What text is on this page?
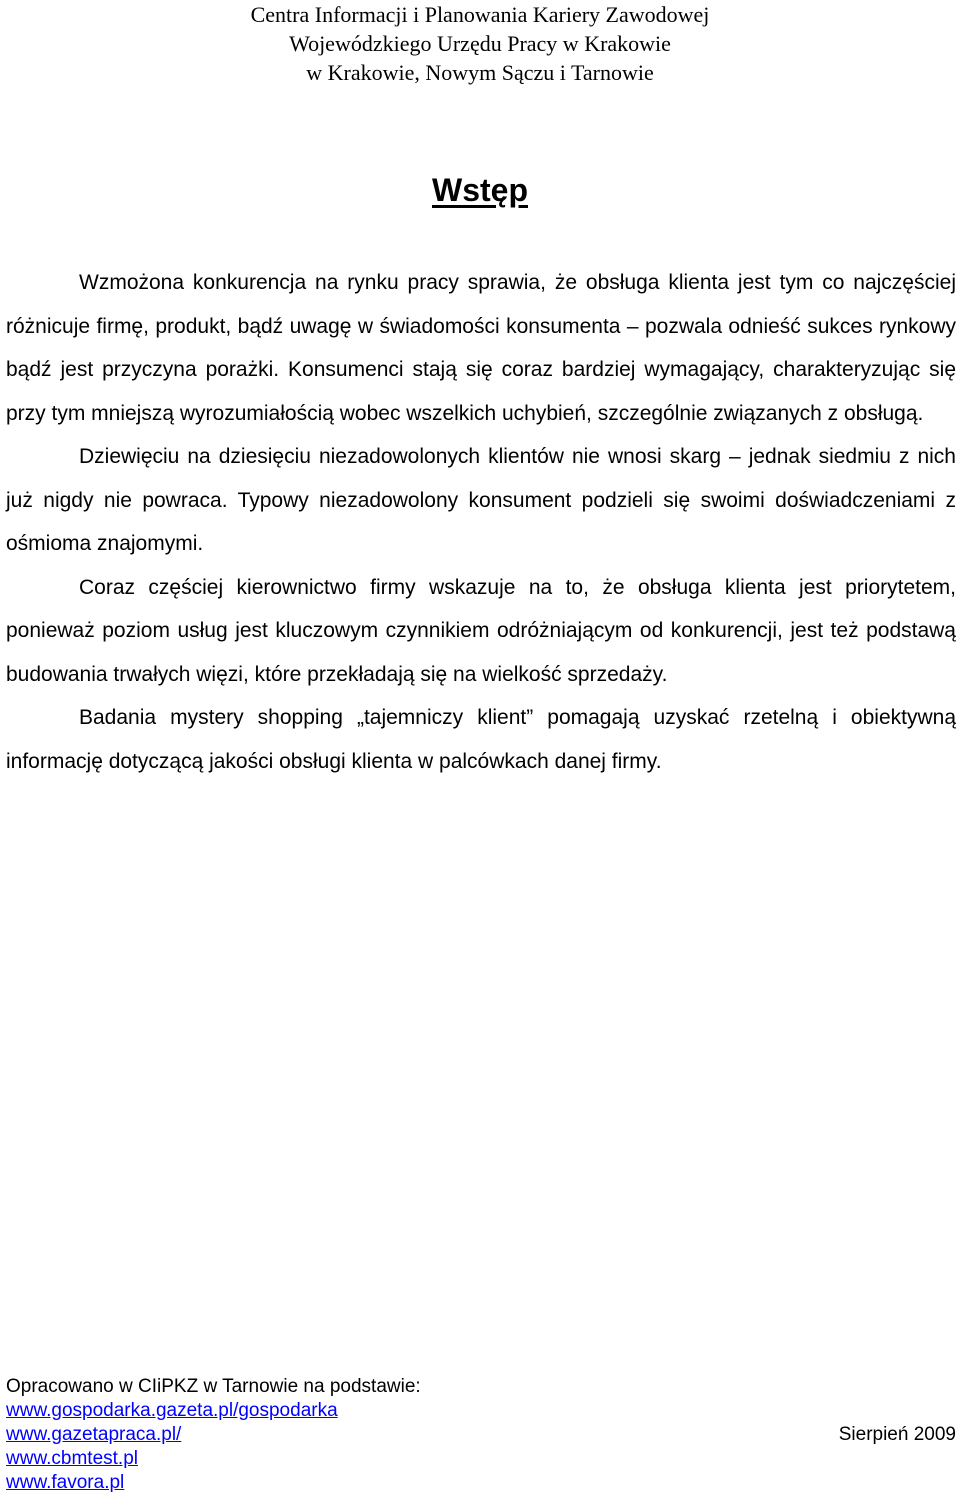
Centra Informacji i Planowania Kariery Zawodowej
Wojewódzkiego Urzędu Pracy w Krakowie
w Krakowie, Nowym Sączu i Tarnowie
Wstęp

Wzmożona konkurencja na rynku pracy sprawia, że obsługa klienta jest tym co najczęściej różnicuje firmę, produkt, bądź uwagę w świadomości konsumenta – pozwala odnieść sukces rynkowy bądź jest przyczyna porażki. Konsumenci stają się coraz bardziej wymagający, charakteryzując się przy tym mniejszą wyrozumiałością wobec wszelkich uchybień, szczególnie związanych z obsługą.

Dziewięciu na dziesięciu niezadowolonych klientów nie wnosi skarg – jednak siedmiu z nich już nigdy nie powraca. Typowy niezadowolony konsument podzieli się swoimi doświadczeniami z ośmioma znajomymi.

Coraz częściej kierownictwo firmy wskazuje na to, że obsługa klienta jest priorytetem, ponieważ poziom usług jest kluczowym czynnikiem odróżniającym od konkurencji, jest też podstawą budowania trwałych więzi, które przekładają się na wielkość sprzedaży.

Badania mystery shopping „tajemniczy klient” pomagają uzyskać rzetelną i obiektywną informację dotyczącą jakości obsługi klienta w palcówkach danej firmy.

Opracowano w CIiPKZ w Tarnowie na podstawie:
www.gospodarka.gazeta.pl/gospodarka
www.gazetapraca.pl/	Sierpień 2009
www.cbmtest.pl
www.favora.pl
